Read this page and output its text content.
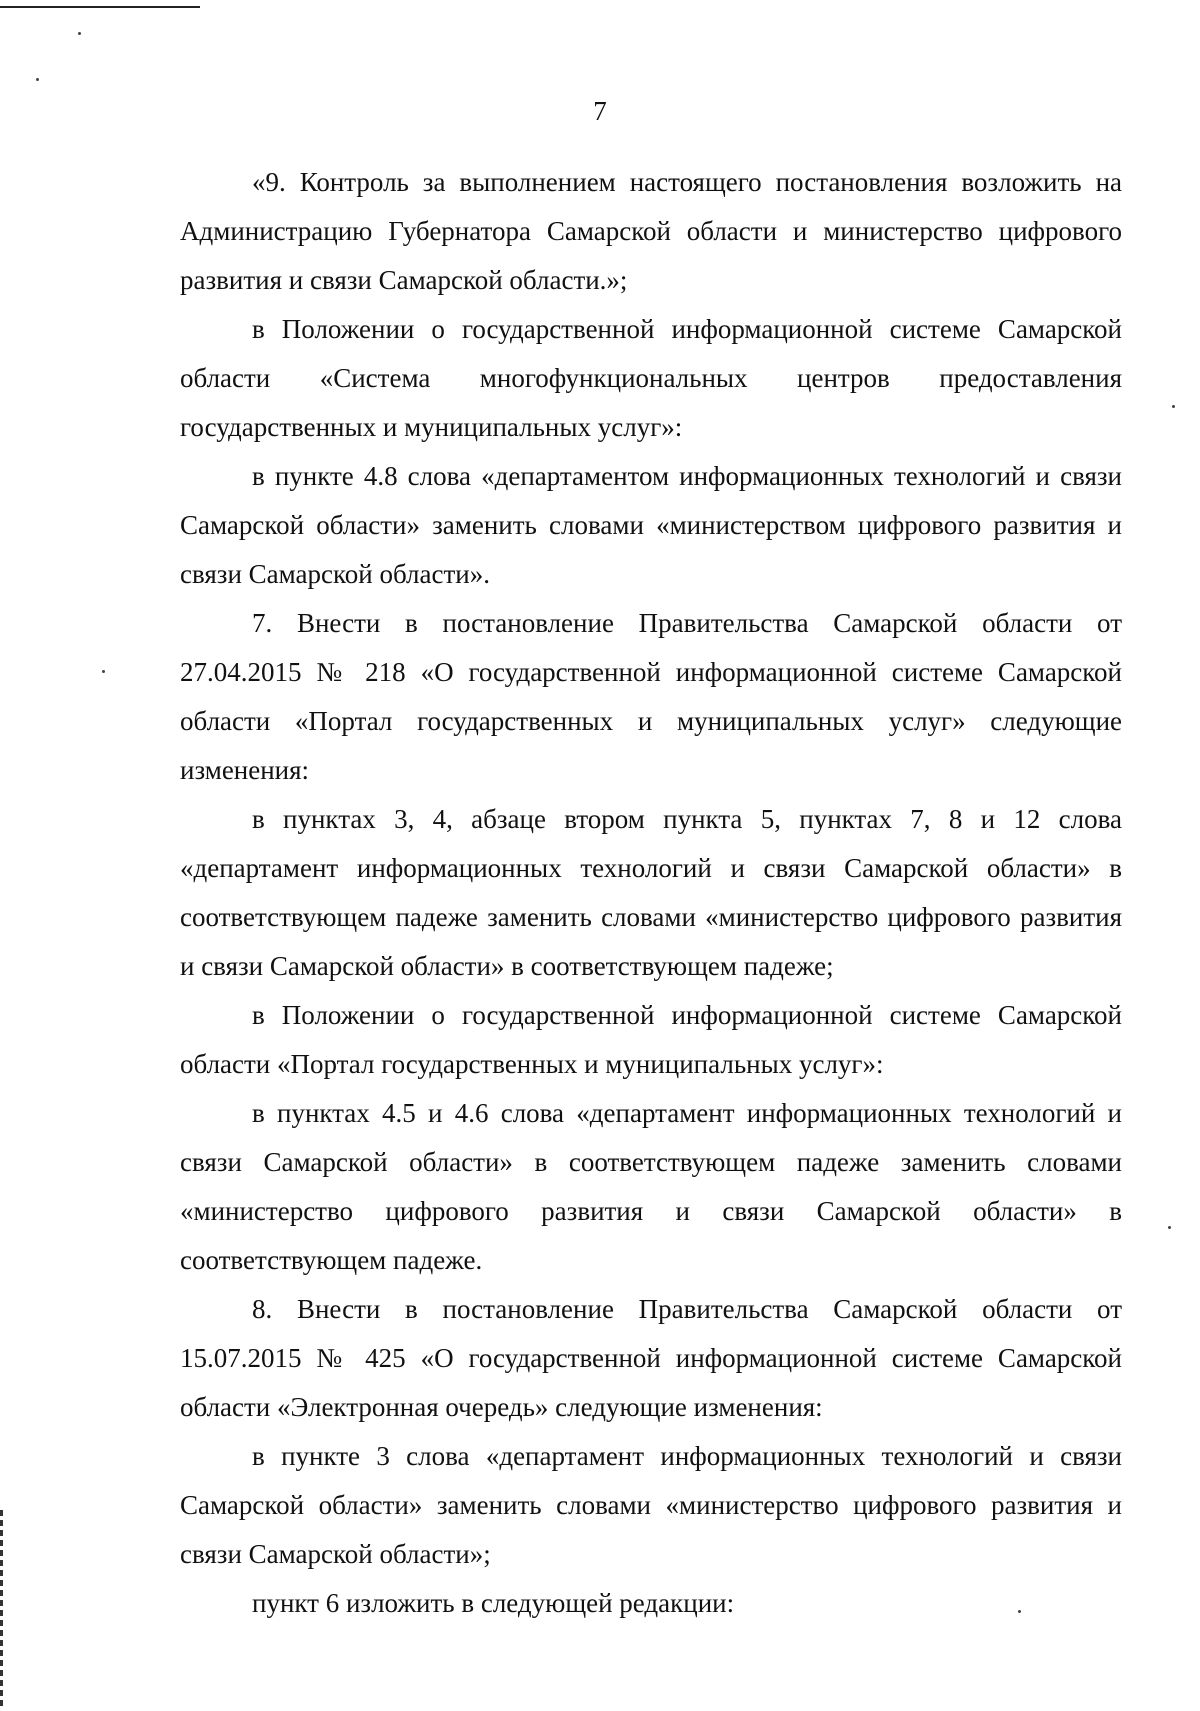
7

«9. Контроль за выполнением настоящего постановления возложить на Администрацию Губернатора Самарской области и министерство цифрового развития и связи Самарской области.»;

в Положении о государственной информационной системе Самарской области «Система многофункциональных центров предоставления государственных и муниципальных услуг»:

в пункте 4.8 слова «департаментом информационных технологий и связи Самарской области» заменить словами «министерством цифрового развития и связи Самарской области».

7. Внести в постановление Правительства Самарской области от 27.04.2015 № 218 «О государственной информационной системе Самарской области «Портал государственных и муниципальных услуг» следующие изменения:

в пунктах 3, 4, абзаце втором пункта 5, пунктах 7, 8 и 12 слова «департамент информационных технологий и связи Самарской области» в соответствующем падеже заменить словами «министерство цифрового развития и связи Самарской области» в соответствующем падеже;

в Положении о государственной информационной системе Самарской области «Портал государственных и муниципальных услуг»:

в пунктах 4.5 и 4.6 слова «департамент информационных технологий и связи Самарской области» в соответствующем падеже заменить словами «министерство цифрового развития и связи Самарской области» в соответствующем падеже.

8. Внести в постановление Правительства Самарской области от 15.07.2015 № 425 «О государственной информационной системе Самарской области «Электронная очередь» следующие изменения:

в пункте 3 слова «департамент информационных технологий и связи Самарской области» заменить словами «министерство цифрового развития и связи Самарской области»;

пункт 6 изложить в следующей редакции:
